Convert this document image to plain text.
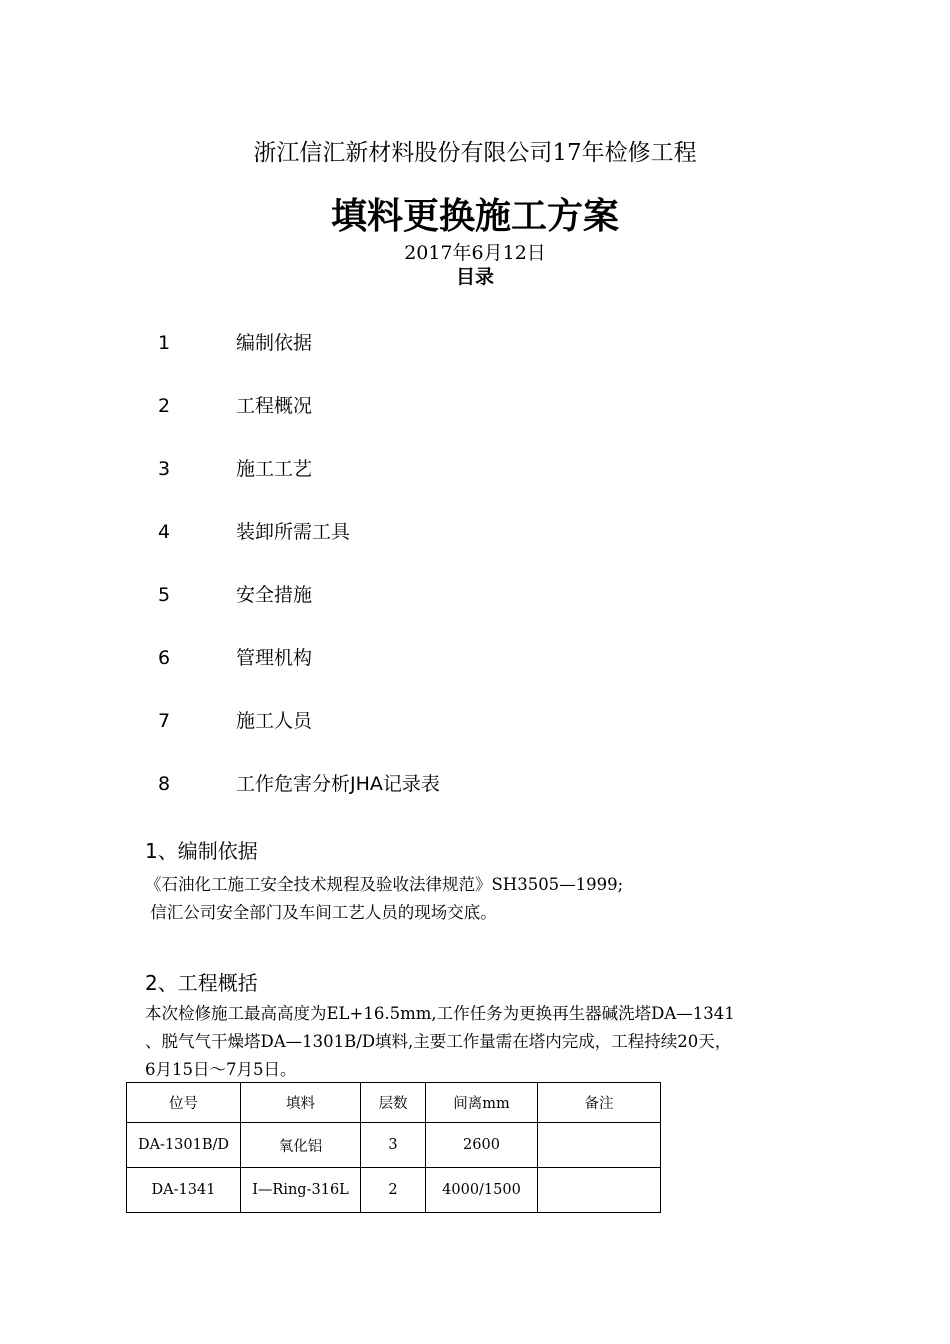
浙江信汇新材料股份有限公司17年检修工程
填料更换施工方案
2017年6月12日
目录
1	编制依据
2	工程概况
3	施工工艺
4	装卸所需工具
5	安全措施
6	管理机构
7	施工人员
8	工作危害分析JHA记录表
1、编制依据
《石油化工施工安全技术规程及验收法律规范》SH3505—1999;
信汇公司安全部门及车间工艺人员的现场交底。
2、工程概括
本次检修施工最高高度为EL+16.5mm,工作任务为更换再生器碱洗塔DA—1341
、脱气气干燥塔DA—1301B/D填料,主要工作量需在塔内完成，工程持续20天，
6月15日～7月5日。
位号	填料	层数	间离mm	备注
DA-1301B/D	氧化铝	3	2600	
DA-1341	I—Ring-316L	2	4000/1500	
